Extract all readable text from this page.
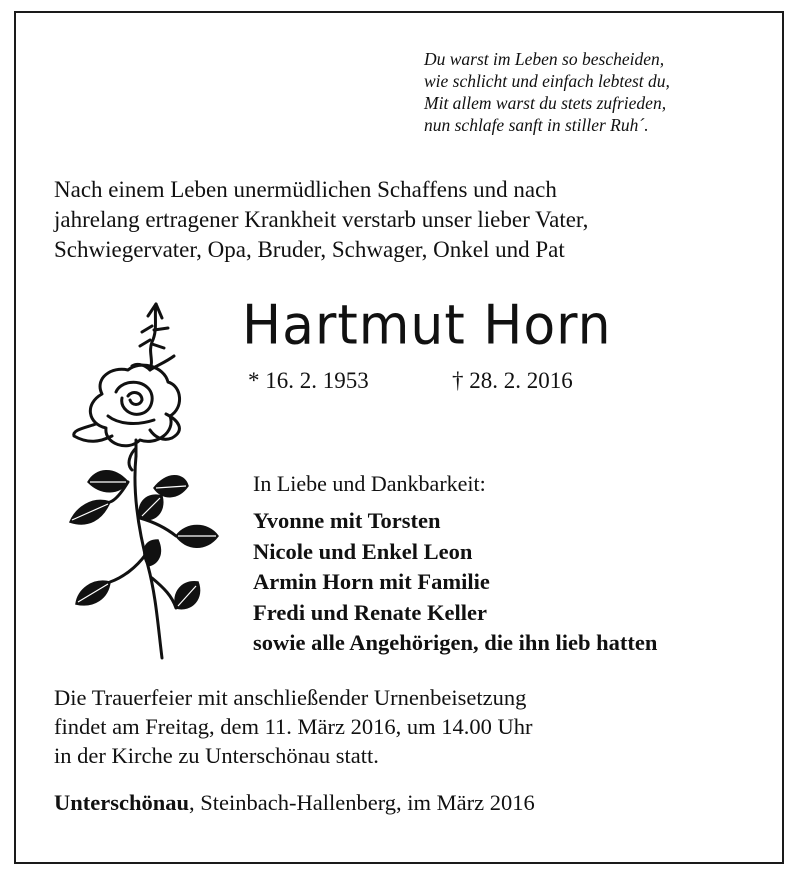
Du warst im Leben so bescheiden,
wie schlicht und einfach lebtest du,
Mit allem warst du stets zufrieden,
nun schlafe sanft in stiller Ruh´.
Nach einem Leben unermüdlichen Schaffens und nach
jahrelang ertragener Krankheit verstarb unser lieber Vater,
Schwiegervater, Opa, Bruder, Schwager, Onkel und Pat
Hartmut Horn
* 16. 2. 1953	† 28. 2. 2016
In Liebe und Dankbarkeit:
Yvonne mit Torsten
Nicole und Enkel Leon
Armin Horn mit Familie
Fredi und Renate Keller
sowie alle Angehörigen, die ihn lieb hatten
Die Trauerfeier mit anschließender Urnenbeisetzung
findet am Freitag, dem 11. März 2016, um 14.00 Uhr
in der Kirche zu Unterschönau statt.
Unterschönau, Steinbach-Hallenberg, im März 2016
